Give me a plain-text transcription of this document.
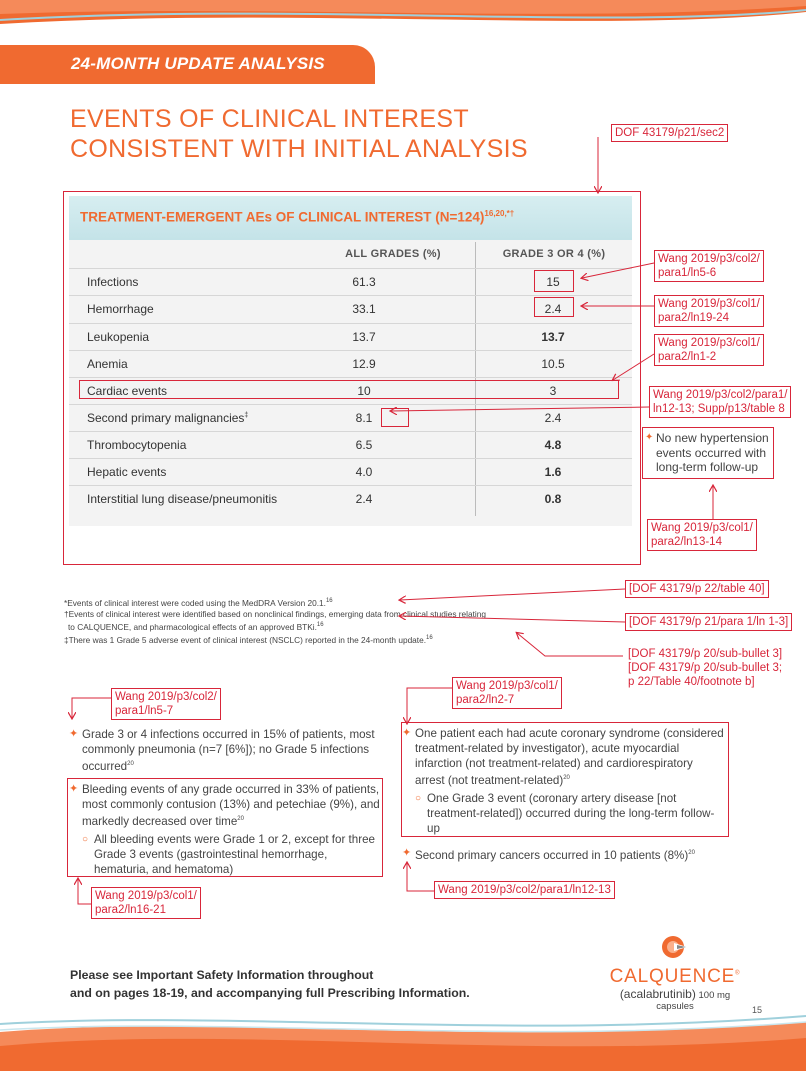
24-MONTH UPDATE ANALYSIS
EVENTS OF CLINICAL INTEREST
CONSISTENT WITH INITIAL ANALYSIS
TREATMENT-EMERGENT AEs OF CLINICAL INTEREST (N=124)$^{16,20,*\dagger}$
ALL GRADES (%)	GRADE 3 OR 4 (%)
Infections	61.3	15
Hemorrhage	33.1	2.4
Leukopenia	13.7	13.7
Anemia	12.9	10.5
Cardiac events	10	3
Second primary malignancies‡	8.1	2.4
Thrombocytopenia	6.5	4.8
Hepatic events	4.0	1.6
Interstitial lung disease/pneumonitis	2.4	0.8
*Events of clinical interest were coded using the MedDRA Version 20.1.16
†Events of clinical interest were identified based on nonclinical findings, emerging data from clinical studies relating
to CALQUENCE, and pharmacological effects of an approved BTKi.$^{16}$
‡There was 1 Grade 5 adverse event of clinical interest (NSCLC) reported in the 24-month update.$^{16}$
DOF 43179/p21/sec2
Wang 2019/p3/col2/
para1/ln5-6
Wang 2019/p3/col1/
para2/ln19-24
Wang 2019/p3/col1/
para2/ln1-2
Wang 2019/p3/col2/para1/
ln12-13; Supp/p13/table 8
✦ No new hypertension
events occurred with
long-term follow-up
Wang 2019/p3/col1/
para2/ln13-14
[DOF 43179/p 22/table 40]
[DOF 43179/p 21/para 1/ln 1-3]
[DOF 43179/p 20/sub-bullet 3]
[DOF 43179/p 20/sub-bullet 3;
p 22/Table 40/footnote b]
Wang 2019/p3/col2/
para1/ln5-7
Wang 2019/p3/col1/
para2/ln2-7
Wang 2019/p3/col1/
para2/ln16-21
Wang 2019/p3/col2/para1/ln12-13
✦ Grade 3 or 4 infections occurred in 15% of patients, most commonly pneumonia (n=7 [6%]); no Grade 5 infections occurred$^{20}$
✦ Bleeding events of any grade occurred in 33% of patients, most commonly contusion (13%) and petechiae (9%), and markedly decreased over time$^{20}$
○ All bleeding events were Grade 1 or 2, except for three Grade 3 events (gastrointestinal hemorrhage, hematuria, and hematoma)
✦ One patient each had acute coronary syndrome (considered treatment-related by investigator), acute myocardial infarction (not treatment-related) and cardiorespiratory arrest (not treatment-related)$^{20}$
○ One Grade 3 event (coronary artery disease [not treatment-related]) occurred during the long-term follow-up
✦ Second primary cancers occurred in 10 patients $(8\%)^{20}$
Please see Important Safety Information throughout
and on pages 18-19, and accompanying full Prescribing Information.
CALQUENCE®
(acalabrutinib) 100 mg capsules	15
